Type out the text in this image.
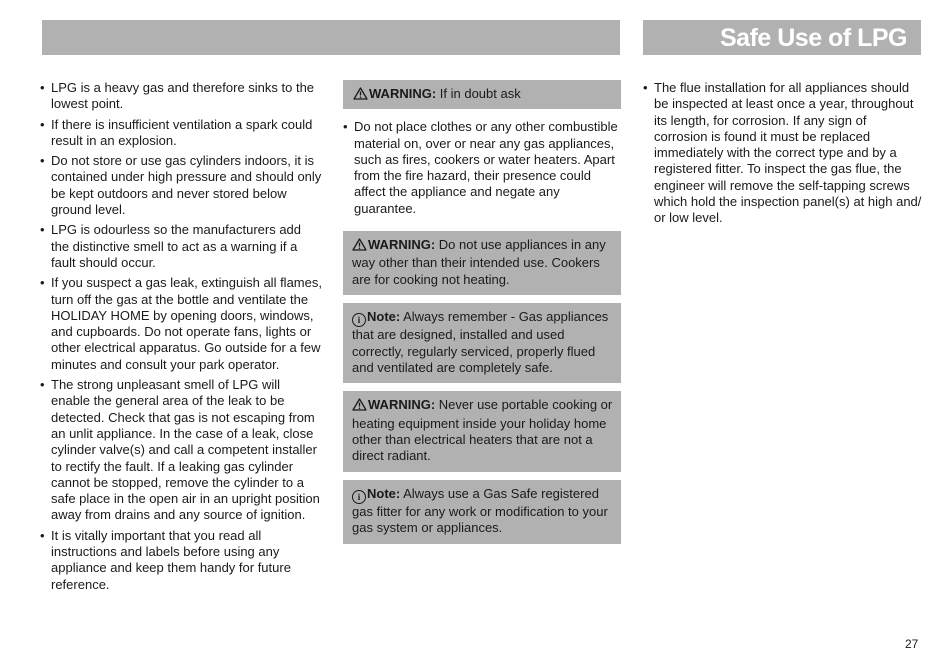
Safe Use of LPG
• LPG is a heavy gas and therefore sinks to the lowest point.
• If there is insufficient ventilation a spark could result in an explosion.
• Do not store or use gas cylinders indoors, it is contained under high pressure and should only be kept outdoors and never stored below ground level.
• LPG is odourless so the manufacturers add the distinctive smell to act as a warning if a fault should occur.
• If you suspect a gas leak, extinguish all flames, turn off the gas at the bottle and ventilate the HOLIDAY HOME by opening doors, windows, and cupboards. Do not operate fans, lights or other electrical apparatus. Go outside for a few minutes and consult your park operator.
• The strong unpleasant smell of LPG will enable the general area of the leak to be detected. Check that gas is not escaping from an unlit appliance. In the case of a leak, close cylinder valve(s) and call a competent installer to rectify the fault. If a leaking gas cylinder cannot be stopped, remove the cylinder to a safe place in the open air in an upright position away from drains and any source of ignition.
• It is vitally important that you read all instructions and labels before using any appliance and keep them handy for future reference.
WARNING: If in doubt ask
• Do not place clothes or any other combustible material on, over or near any gas appliances, such as fires, cookers or water heaters. Apart from the fire hazard, their presence could affect the appliance and negate any guarantee.
WARNING: Do not use appliances in any way other than their intended use. Cookers are for cooking not heating.
i Note: Always remember - Gas appliances that are designed, installed and used correctly, regularly serviced, properly flued and ventilated are completely safe.
WARNING: Never use portable cooking or heating equipment inside your holiday home other than electrical heaters that are not a direct radiant.
i Note: Always use a Gas Safe registered gas fitter for any work or modification to your gas system or appliances.
• The flue installation for all appliances should be inspected at least once a year, throughout its length, for corrosion. If any sign of corrosion is found it must be replaced immediately with the correct type and by a registered fitter. To inspect the gas flue, the engineer will remove the self-tapping screws which hold the inspection panel(s) at high and/ or low level.
27
